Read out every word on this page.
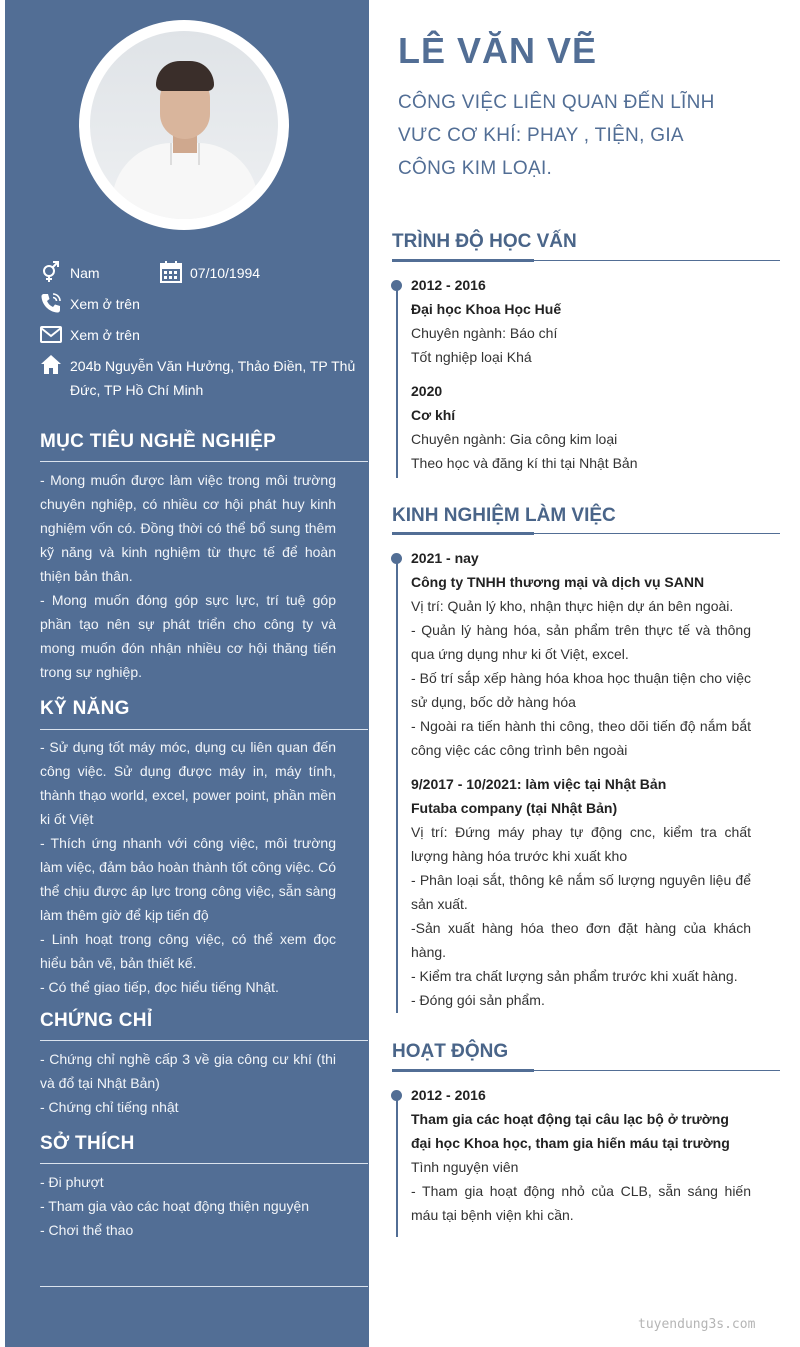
Nam	07/10/1994
Xem ở trên
Xem ở trên
204b Nguyễn Văn Hưởng, Thảo Điền, TP Thủ
Đức, TP Hồ Chí Minh
MỤC TIÊU NGHỀ NGHIỆP

- Mong muốn được làm việc trong môi trường chuyên nghiệp, có nhiều cơ hội phát huy kinh nghiệm vốn có. Đồng thời có thể bổ sung thêm kỹ năng và kinh nghiệm từ thực tế để hoàn thiện bản thân.

- Mong muốn đóng góp sực lực, trí tuệ góp phần tạo nên sự phát triển cho công ty và mong muốn đón nhận nhiều cơ hội thăng tiến trong sự nghiệp.

KỸ NĂNG

- Sử dụng tốt máy móc, dụng cụ liên quan đến công việc. Sử dụng được máy in, máy tính, thành thạo world, excel, power point, phần mền ki ốt Việt

- Thích ứng nhanh với công việc, môi trường làm việc, đảm bảo hoàn thành tốt công việc. Có thể chịu được áp lực trong công việc, sẵn sàng làm thêm giờ để kịp tiến độ

- Linh hoạt trong công việc, có thể xem đọc hiểu bản vẽ, bản thiết kế.

- Có thể giao tiếp, đọc hiểu tiếng Nhật.

CHỨNG CHỈ

- Chứng chỉ nghề cấp 3 về gia công cư khí (thi và đổ tại Nhật Bản)

- Chứng chỉ tiếng nhật

SỞ THÍCH

- Đi phượt

- Tham gia vào các hoạt động thiện nguyện

- Chơi thể thao

LÊ VĂN VẼ
CÔNG VIỆC LIÊN QUAN ĐẾN LĨNH VƯC CƠ KHÍ: PHAY , TIỆN, GIA CÔNG KIM LOẠI.
TRÌNH ĐỘ HỌC VẤN
2012 - 2016
Đại học Khoa Học Huế
Chuyên ngành: Báo chí
Tốt nghiệp loại Khá
2020
Cơ khí
Chuyên ngành: Gia công kim loại
Theo học và đăng kí thi tại Nhật Bản
KINH NGHIỆM LÀM VIỆC
2021 - nay
Công ty TNHH thương mại và dịch vụ SANN
Vị trí: Quản lý kho, nhận thực hiện dự án bên ngoài.
- Quản lý hàng hóa, sản phẩm trên thực tế và thông qua ứng dụng như ki ốt Việt, excel.
- Bố trí sắp xếp hàng hóa khoa học thuận tiện cho việc sử dụng, bốc dở hàng hóa
- Ngoài ra tiến hành thi công, theo dõi tiến độ nắm bắt công việc các công trình bên ngoài
9/2017 - 10/2021: làm việc tại Nhật Bản
Futaba company (tại Nhật Bản)
Vị trí: Đứng máy phay tự động cnc, kiểm tra chất lượng hàng hóa trước khi xuất kho
- Phân loại sắt, thông kê nắm số lượng nguyên liệu để sản xuất.
-Sản xuất hàng hóa theo đơn đặt hàng của khách hàng.
- Kiểm tra chất lượng sản phẩm trước khi xuất hàng.
- Đóng gói sản phẩm.
HOẠT ĐỘNG
2012 - 2016
Tham gia các hoạt động tại câu lạc bộ ở trường đại học Khoa học, tham gia hiến máu tại trường
Tình nguyện viên
- Tham gia hoạt động nhỏ của CLB, sẵn sáng hiến máu tại bệnh viện khi cần.
tuyendung3s.com
